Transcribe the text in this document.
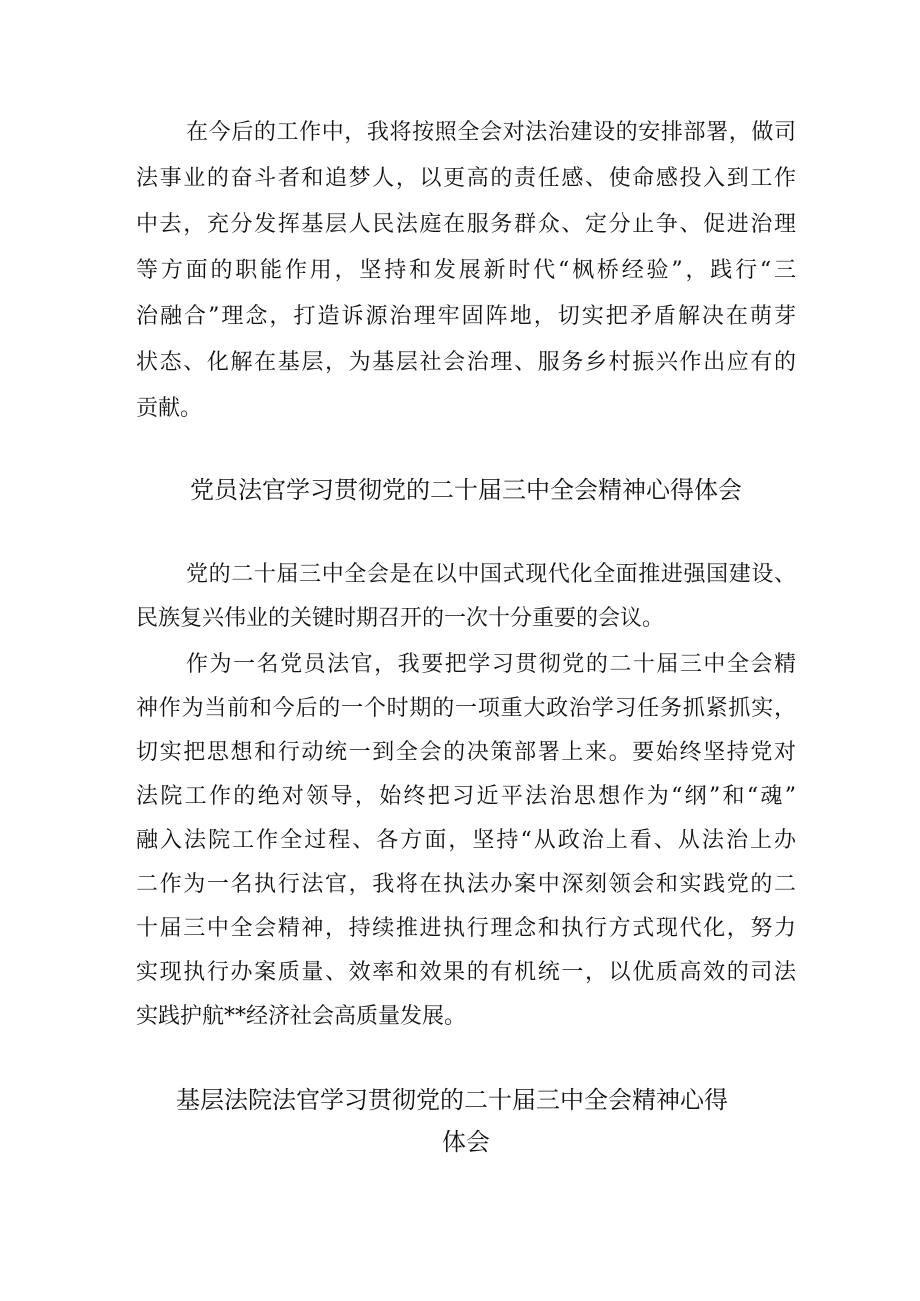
在今后的工作中，我将按照全会对法治建设的安排部署，做司
法事业的奋斗者和追梦人，以更高的责任感、使命感投入到工作
中去，充分发挥基层人民法庭在服务群众、定分止争、促进治理
等方面的职能作用，坚持和发展新时代“枫桥经验”，践行“三
治融合”理念，打造诉源治理牢固阵地，切实把矛盾解决在萌芽
状态、化解在基层，为基层社会治理、服务乡村振兴作出应有的
贡献。
党员法官学习贯彻党的二十届三中全会精神心得体会
党的二十届三中全会是在以中国式现代化全面推进强国建设、
民族复兴伟业的关键时期召开的一次十分重要的会议。
作为一名党员法官，我要把学习贯彻党的二十届三中全会精
神作为当前和今后的一个时期的一项重大政治学习任务抓紧抓实，
切实把思想和行动统一到全会的决策部署上来。要始终坚持党对
法院工作的绝对领导，始终把习近平法治思想作为“纲”和“魂”
融入法院工作全过程、各方面，坚持“从政治上看、从法治上办
二作为一名执行法官，我将在执法办案中深刻领会和实践党的二
十届三中全会精神，持续推进执行理念和执行方式现代化，努力
实现执行办案质量、效率和效果的有机统一，以优质高效的司法
实践护航**经济社会高质量发展。
基层法院法官学习贯彻党的二十届三中全会精神心得
体会
